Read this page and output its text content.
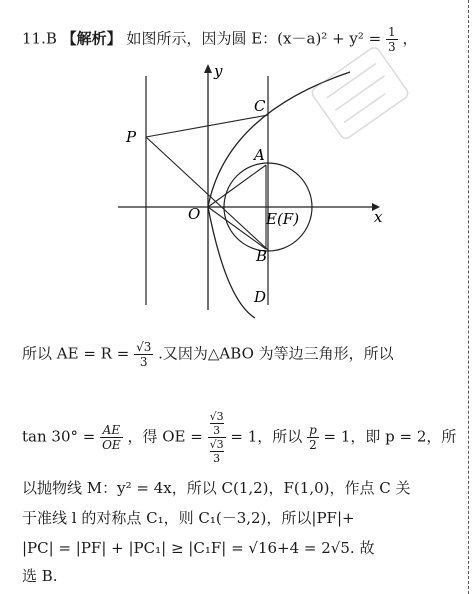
11.B 【解析】 如图所示，因为圆 E：$(x-a)^2 + y^2 = \frac{1}{3}$ ，
P
C
A
O	E(F)
B
D
x
y
所以 AE = $R = \frac{√3}{3}$ .又因为△ABO 为等边三角形，所以
$\tan 30^\circ = \frac{AE}{OE}$ ，得 OE = √3
3
√3
3 = 1，所以 $\frac{p}{2} = 1$，即 p = 2，所
以抛物线 M：y² = 4x，所以 C(1,2)，F(1,0)，作点 C 关
于准线 l 的对称点 C₁，则 C₁(－3,2)，所以|PF|+
|PC| = |PF| + |PC₁| ≥ |C₁F| = √16+4 = 2√5. 故
选 B.
